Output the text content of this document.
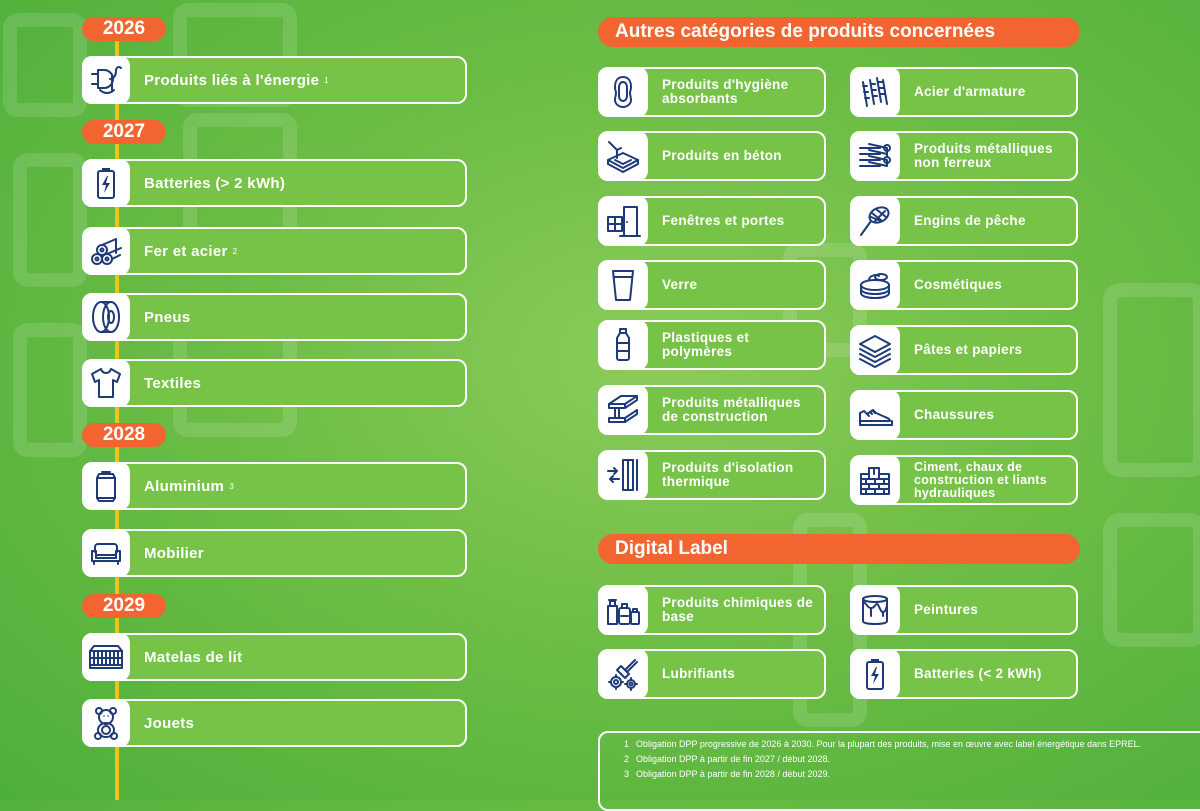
2026
2027
2028
2029
Produits liés à l'énergie 1
Batteries (> 2 kWh)
Fer et acier 2
Pneus
Textiles
Aluminium 3
Mobilier
Matelas de lit
Jouets
Autres catégories de produits concernées
Produits d'hygiène absorbants
Produits en béton
Fenêtres et portes
Verre
Plastiques et polymères
Produits métalliques de construction
Produits d'isolation thermique
Acier d'armature
Produits métalliques non ferreux
Engins de pêche
Cosmétiques
Pâtes et papiers
Chaussures
Ciment, chaux de construction et liants hydrauliques
Digital Label
Produits chimiques de base	Peintures
Lubrifiants	Batteries (< 2 kWh)
1 Obligation DPP progressive de 2026 à 2030. Pour la plupart des produits, mise en œuvre avec label énergétique dans EPREL.
2 Obligation DPP à partir de fin 2027 / début 2028.
3 Obligation DPP à partir de fin 2028 / début 2029.
